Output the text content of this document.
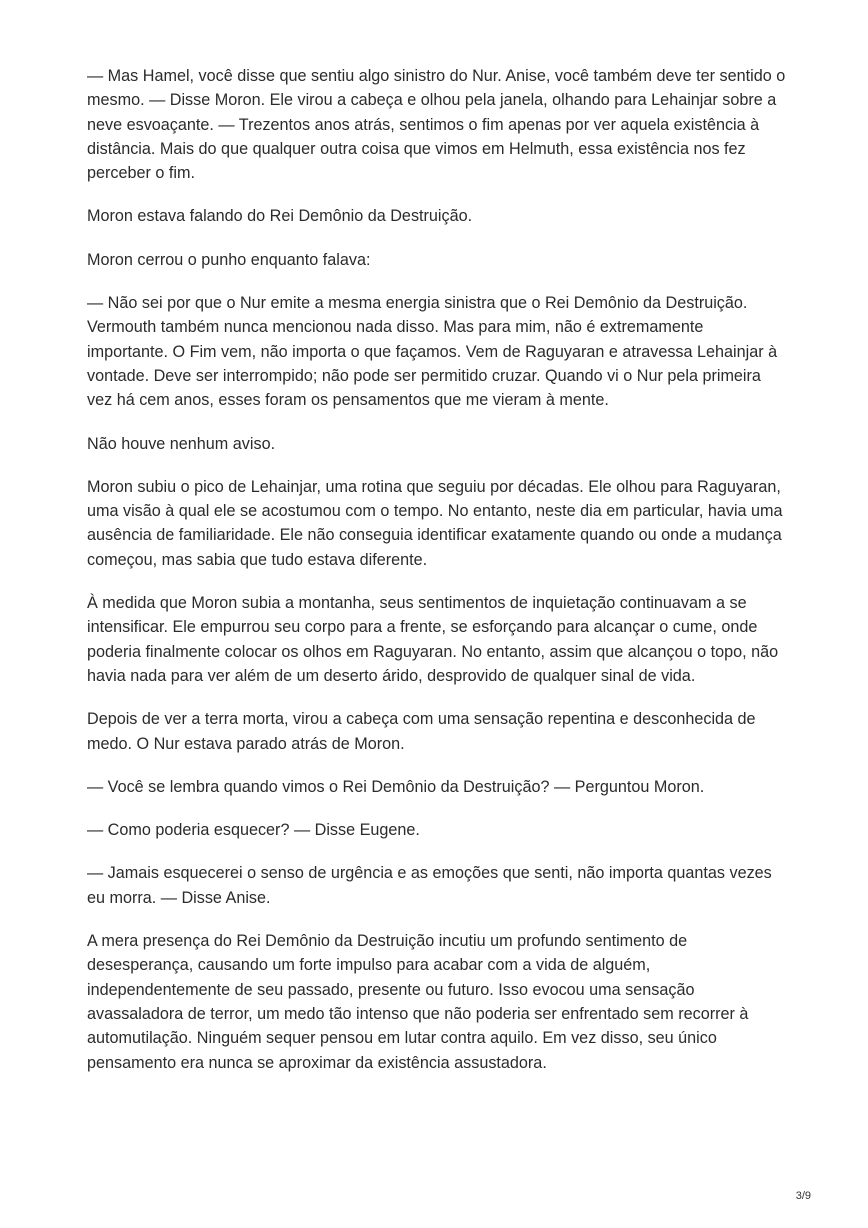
— Mas Hamel, você disse que sentiu algo sinistro do Nur. Anise, você também deve ter sentido o mesmo. — Disse Moron. Ele virou a cabeça e olhou pela janela, olhando para Lehainjar sobre a neve esvoaçante. — Trezentos anos atrás, sentimos o fim apenas por ver aquela existência à distância. Mais do que qualquer outra coisa que vimos em Helmuth, essa existência nos fez perceber o fim.

Moron estava falando do Rei Demônio da Destruição.

Moron cerrou o punho enquanto falava:

— Não sei por que o Nur emite a mesma energia sinistra que o Rei Demônio da Destruição. Vermouth também nunca mencionou nada disso. Mas para mim, não é extremamente importante. O Fim vem, não importa o que façamos. Vem de Raguyaran e atravessa Lehainjar à vontade. Deve ser interrompido; não pode ser permitido cruzar. Quando vi o Nur pela primeira vez há cem anos, esses foram os pensamentos que me vieram à mente.

Não houve nenhum aviso.

Moron subiu o pico de Lehainjar, uma rotina que seguiu por décadas. Ele olhou para Raguyaran, uma visão à qual ele se acostumou com o tempo. No entanto, neste dia em particular, havia uma ausência de familiaridade. Ele não conseguia identificar exatamente quando ou onde a mudança começou, mas sabia que tudo estava diferente.

À medida que Moron subia a montanha, seus sentimentos de inquietação continuavam a se intensificar. Ele empurrou seu corpo para a frente, se esforçando para alcançar o cume, onde poderia finalmente colocar os olhos em Raguyaran. No entanto, assim que alcançou o topo, não havia nada para ver além de um deserto árido, desprovido de qualquer sinal de vida.

Depois de ver a terra morta, virou a cabeça com uma sensação repentina e desconhecida de medo. O Nur estava parado atrás de Moron.

— Você se lembra quando vimos o Rei Demônio da Destruição? — Perguntou Moron.

— Como poderia esquecer? — Disse Eugene.

— Jamais esquecerei o senso de urgência e as emoções que senti, não importa quantas vezes eu morra. — Disse Anise.

A mera presença do Rei Demônio da Destruição incutiu um profundo sentimento de desesperança, causando um forte impulso para acabar com a vida de alguém, independentemente de seu passado, presente ou futuro. Isso evocou uma sensação avassaladora de terror, um medo tão intenso que não poderia ser enfrentado sem recorrer à automutilação. Ninguém sequer pensou em lutar contra aquilo. Em vez disso, seu único pensamento era nunca se aproximar da existência assustadora.

3/9
